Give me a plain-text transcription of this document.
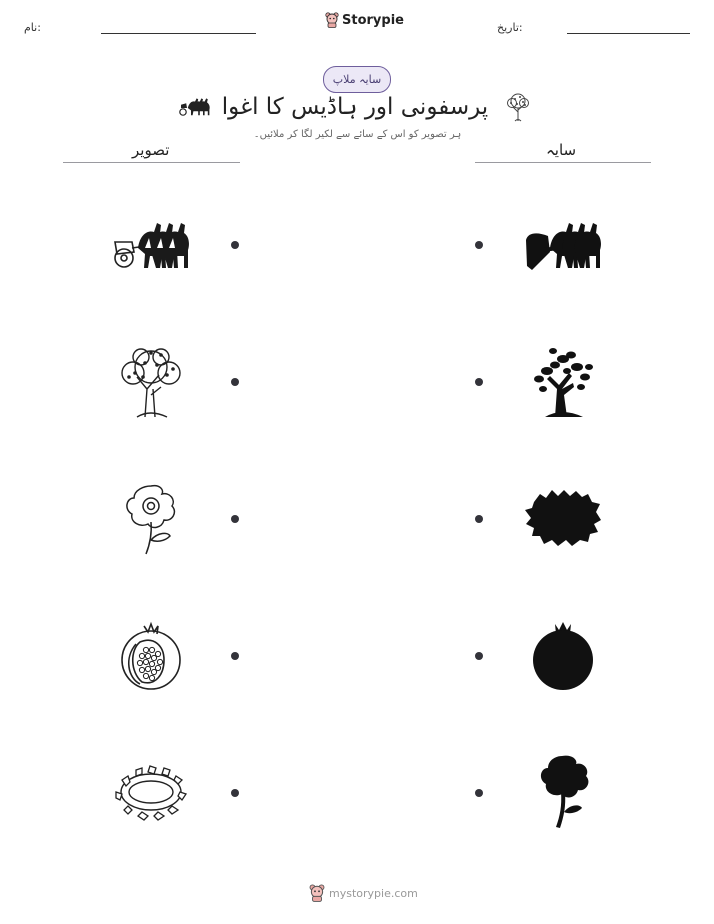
نام:	Storypie	تاریخ:
سایہ ملاپ
پرسفونی اور ہاڈیس کا اغوا
ہر تصویر کو اس کے سائے سے لکیر لگا کر ملائیں۔
تصویر	سایہ
mystorypie.com
